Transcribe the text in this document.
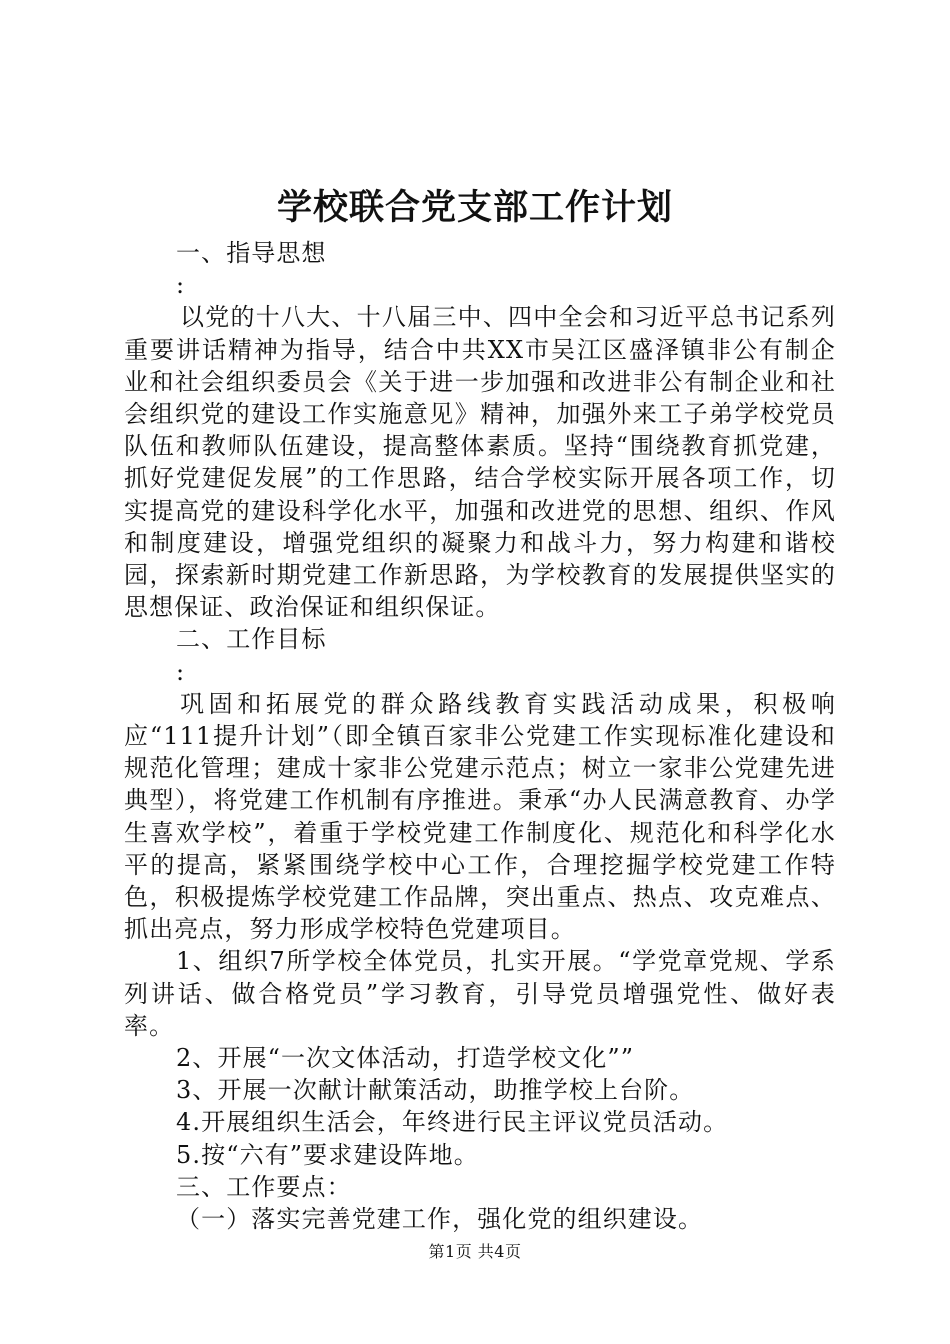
学校联合党支部工作计划

一、指导思想

:

以党的十八大、十八届三中、四中全会和习近平总书记系列重要讲话精神为指导，结合中共XX市吴江区盛泽镇非公有制企业和社会组织委员会《关于进一步加强和改进非公有制企业和社会组织党的建设工作实施意见》精神，加强外来工子弟学校党员队伍和教师队伍建设，提高整体素质。坚持“围绕教育抓党建，抓好党建促发展”的工作思路，结合学校实际开展各项工作，切实提高党的建设科学化水平，加强和改进党的思想、组织、作风和制度建设，增强党组织的凝聚力和战斗力，努力构建和谐校园，探索新时期党建工作新思路，为学校教育的发展提供坚实的思想保证、政治保证和组织保证。

二、工作目标

:

巩固和拓展党的群众路线教育实践活动成果，积极响应“111提升计划”（即全镇百家非公党建工作实现标准化建设和规范化管理；建成十家非公党建示范点；树立一家非公党建先进典型），将党建工作机制有序推进。秉承“办人民满意教育、办学生喜欢学校”，着重于学校党建工作制度化、规范化和科学化水平的提高，紧紧围绕学校中心工作，合理挖掘学校党建工作特色，积极提炼学校党建工作品牌，突出重点、热点、攻克难点、抓出亮点，努力形成学校特色党建项目。

1、组织7所学校全体党员，扎实开展。“学党章党规、学系列讲话、做合格党员”学习教育，引导党员增强党性、做好表率。

2、开展“一次文体活动，打造学校文化””

3、开展一次献计献策活动，助推学校上台阶。

4.开展组织生活会，年终进行民主评议党员活动。

5.按“六有”要求建设阵地。

三、工作要点：

（一）落实完善党建工作，强化党的组织建设。

第1页 共4页
